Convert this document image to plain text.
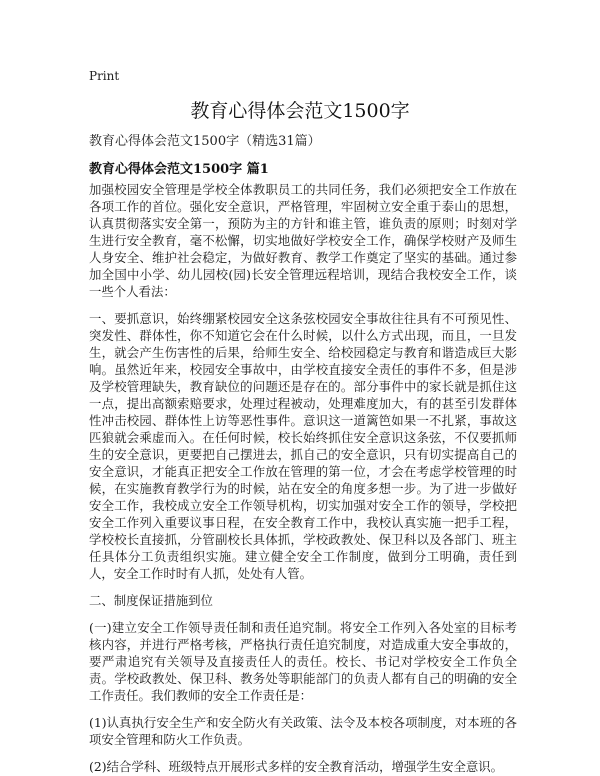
Print
教育心得体会范文1500字
教育心得体会范文1500字（精选31篇）
教育心得体会范文1500字 篇1

加强校园安全管理是学校全体教职员工的共同任务，我们必须把安全工作放在各项工作的首位。强化安全意识，严格管理，牢固树立安全重于泰山的思想，认真贯彻落实安全第一，预防为主的方针和谁主管，谁负责的原则；时刻对学生进行安全教育，毫不松懈，切实地做好学校安全工作，确保学校财产及师生人身安全、维护社会稳定，为做好教育、教学工作奠定了坚实的基础。通过参加全国中小学、幼儿园校(园)长安全管理远程培训，现结合我校安全工作，谈一些个人看法：

一、要抓意识，始终绷紧校园安全这条弦校园安全事故往往具有不可预见性、突发性、群体性，你不知道它会在什么时候，以什么方式出现，而且，一旦发生，就会产生伤害性的后果，给师生安全、给校园稳定与教育和谐造成巨大影响。虽然近年来，校园安全事故中，由学校直接安全责任的事件不多，但是涉及学校管理缺失，教育缺位的问题还是存在的。部分事件中的家长就是抓住这一点，提出高额索赔要求，处理过程被动，处理难度加大，有的甚至引发群体性冲击校园、群体性上访等恶性事件。意识这一道篱笆如果一不扎紧，事故这匹狼就会乘虚而入。在任何时候，校长始终抓住安全意识这条弦，不仅要抓师生的安全意识，更要把自己摆进去，抓自己的安全意识，只有切实提高自己的安全意识，才能真正把安全工作放在管理的第一位，才会在考虑学校管理的时候，在实施教育教学行为的时候，站在安全的角度多想一步。为了进一步做好安全工作，我校成立安全工作领导机构，切实加强对安全工作的领导，学校把安全工作列入重要议事日程，在安全教育工作中，我校认真实施一把手工程，学校校长直接抓，分管副校长具体抓，学校政教处、保卫科以及各部门、班主任具体分工负责组织实施。建立健全安全工作制度，做到分工明确，责任到人，安全工作时时有人抓，处处有人管。

二、制度保证措施到位

(一)建立安全工作领导责任制和责任追究制。将安全工作列入各处室的目标考核内容，并进行严格考核，严格执行责任追究制度，对造成重大安全事故的，要严肃追究有关领导及直接责任人的责任。校长、书记对学校安全工作负全责。学校政教处、保卫科、教务处等职能部门的负责人都有自己的明确的安全工作责任。我们教师的安全工作责任是：

(1)认真执行安全生产和安全防火有关政策、法令及本校各项制度，对本班的各项安全管理和防火工作负责。

(2)结合学科、班级特点开展形式多样的安全教育活动，增强学生安全意识。
